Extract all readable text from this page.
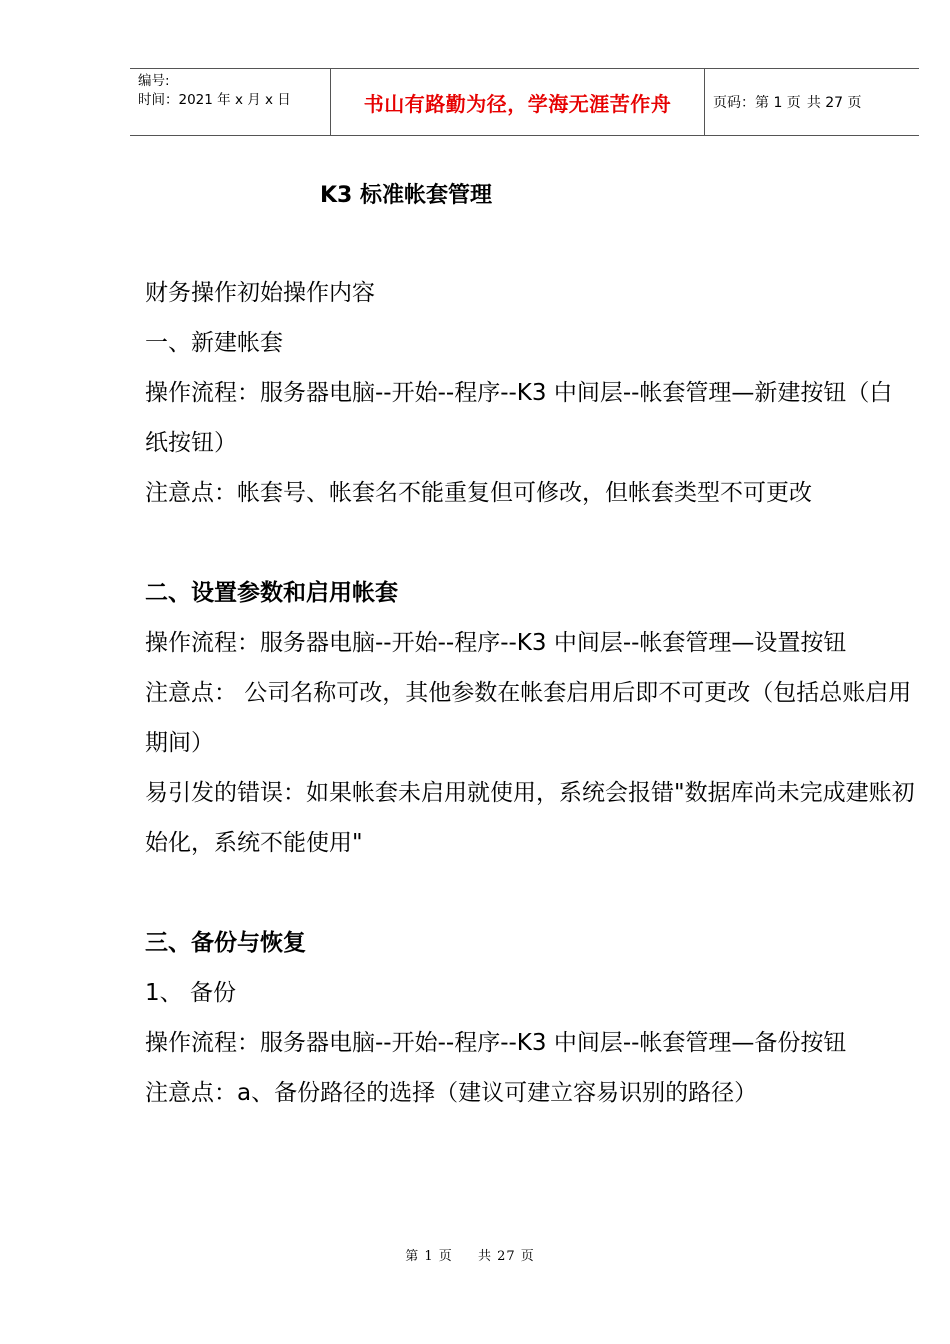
编号:
时间：2021 年 x 月 x 日	书山有路勤为径，学海无涯苦作舟	页码：第 1 页 共 27 页
K3 标准帐套管理

财务操作初始操作内容

一、新建帐套

操作流程：服务器电脑--开始--程序--K3 中间层--帐套管理—新建按钮（白纸按钮）

注意点：帐套号、帐套名不能重复但可修改，但帐套类型不可更改

二、设置参数和启用帐套

操作流程：服务器电脑--开始--程序--K3 中间层--帐套管理—设置按钮

注意点： 公司名称可改，其他参数在帐套启用后即不可更改（包括总账启用期间）

易引发的错误：如果帐套未启用就使用，系统会报错"数据库尚未完成建账初始化，系统不能使用"

三、备份与恢复

1、 备份

操作流程：服务器电脑--开始--程序--K3 中间层--帐套管理—备份按钮

注意点：a、备份路径的选择（建议可建立容易识别的路径）

第 1 页 共 27 页
